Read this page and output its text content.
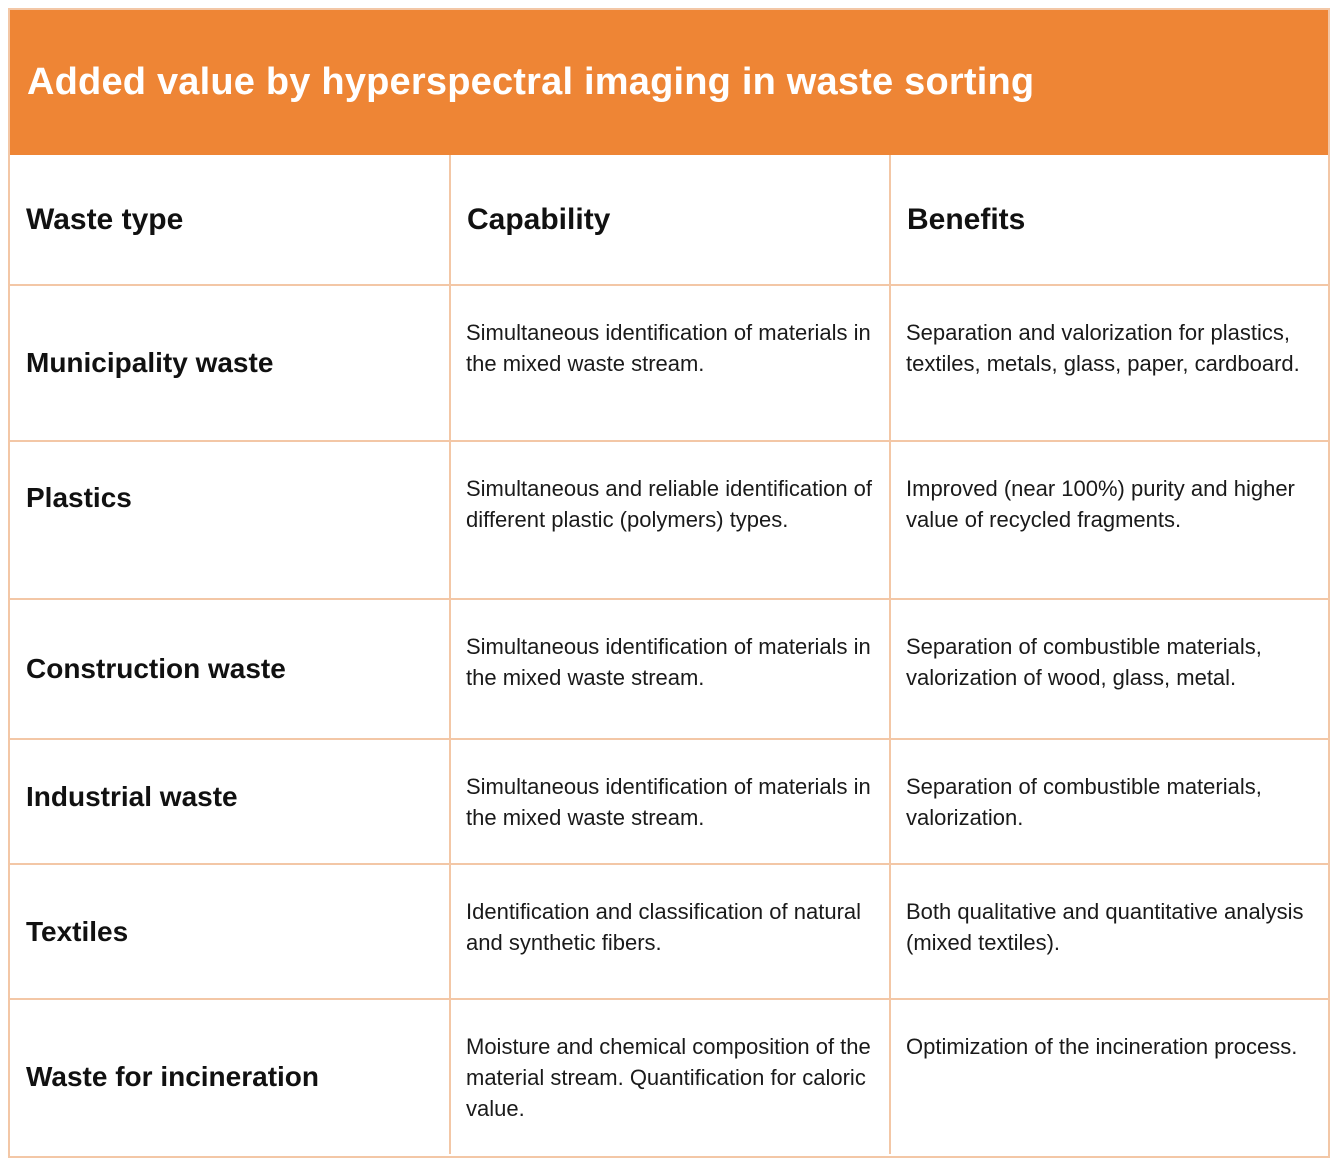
Added value by hyperspectral imaging in waste sorting
Waste type	Capability	Benefits
Municipality waste	Simultaneous identification of materials in the mixed waste stream.	Separation and valorization for plastics, textiles, metals, glass, paper, cardboard.
Plastics	Simultaneous and reliable identification of different plastic (polymers) types.	Improved (near 100%) purity and higher value of recycled fragments.
Construction waste	Simultaneous identification of materials in the mixed waste stream.	Separation of combustible materials, valorization of wood, glass, metal.
Industrial waste	Simultaneous identification of materials in the mixed waste stream.	Separation of combustible materials, valorization.
Textiles	Identification and classification of natural and synthetic fibers.	Both qualitative and quantitative analysis (mixed textiles).
Waste for incineration	Moisture and chemical composition of the material stream. Quantification for caloric value.	Optimization of the incineration process.
